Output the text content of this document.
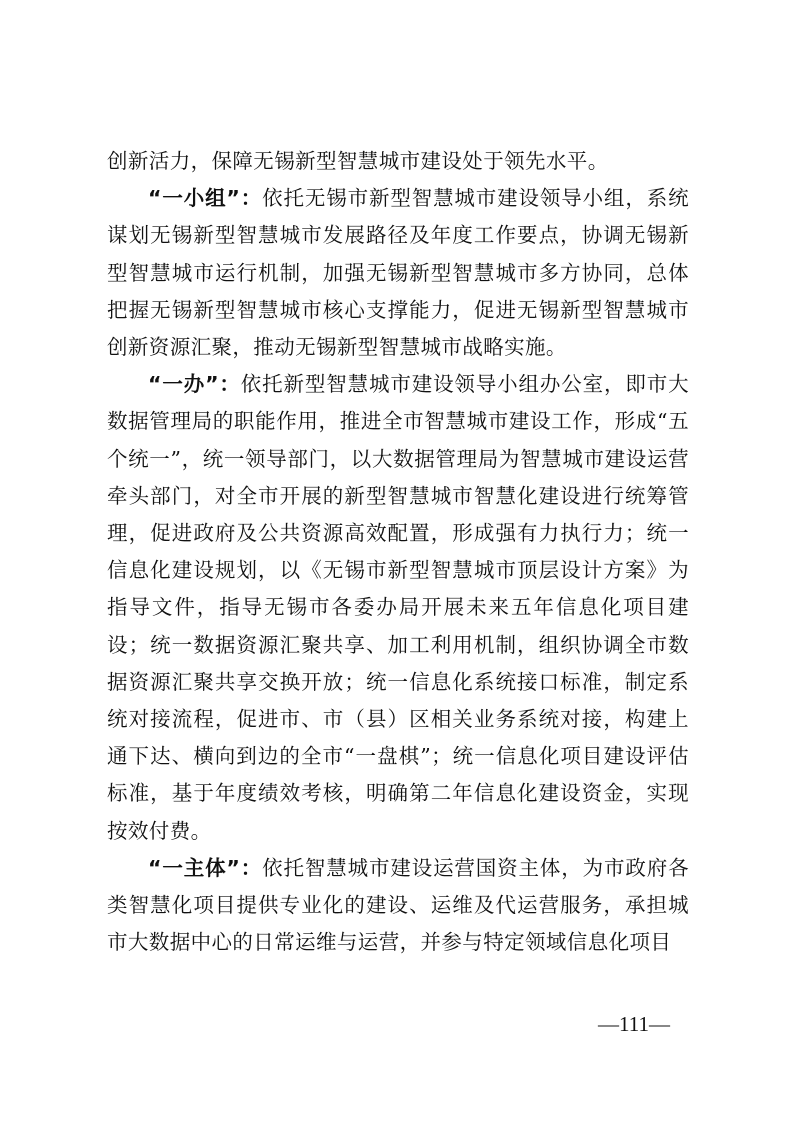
创新活力，保障无锡新型智慧城市建设处于领先水平。

“一小组”：依托无锡市新型智慧城市建设领导小组，系统谋划无锡新型智慧城市发展路径及年度工作要点，协调无锡新型智慧城市运行机制，加强无锡新型智慧城市多方协同，总体把握无锡新型智慧城市核心支撑能力，促进无锡新型智慧城市创新资源汇聚，推动无锡新型智慧城市战略实施。

“一办”：依托新型智慧城市建设领导小组办公室，即市大数据管理局的职能作用，推进全市智慧城市建设工作，形成“五个统一”，统一领导部门，以大数据管理局为智慧城市建设运营牵头部门，对全市开展的新型智慧城市智慧化建设进行统筹管理，促进政府及公共资源高效配置，形成强有力执行力；统一信息化建设规划，以《无锡市新型智慧城市顶层设计方案》为指导文件，指导无锡市各委办局开展未来五年信息化项目建设；统一数据资源汇聚共享、加工利用机制，组织协调全市数据资源汇聚共享交换开放；统一信息化系统接口标准，制定系统对接流程，促进市、市（县）区相关业务系统对接，构建上通下达、横向到边的全市“一盘棋”；统一信息化项目建设评估标准，基于年度绩效考核，明确第二年信息化建设资金，实现按效付费。

“一主体”：依托智慧城市建设运营国资主体，为市政府各类智慧化项目提供专业化的建设、运维及代运营服务，承担城市大数据中心的日常运维与运营，并参与特定领域信息化项目

—111—
